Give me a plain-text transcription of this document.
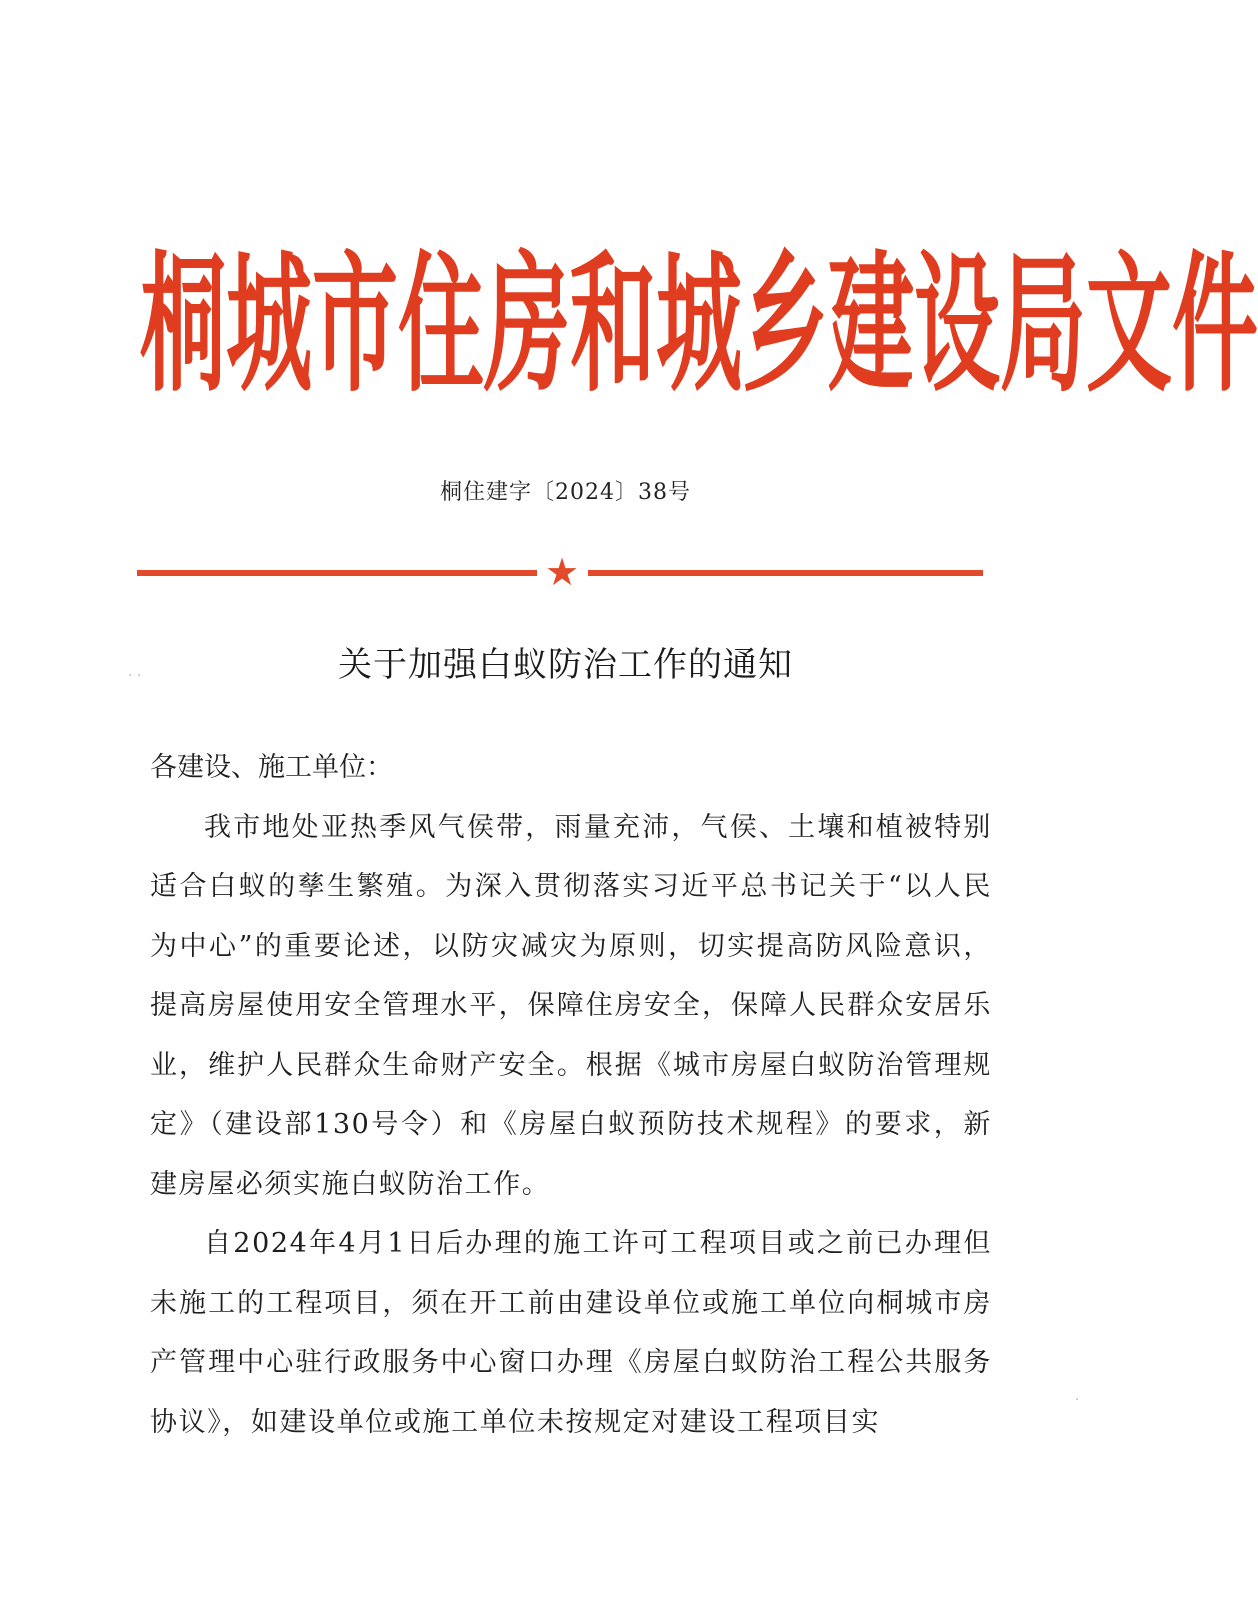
桐 城 市 住 房 和 城 乡 建 设 局 文 件
桐住建字〔2024〕38号
★
关于加强白蚁防治工作的通知

各建设、施工单位：

我市地处亚热季风气侯带，雨量充沛，气侯、土壤和植被特别适合白蚁的孳生繁殖。为深入贯彻落实习近平总书记关于“以人民为中心”的重要论述，以防灾减灾为原则，切实提高防风险意识，提高房屋使用安全管理水平，保障住房安全，保障人民群众安居乐业，维护人民群众生命财产安全。根据《城市房屋白蚁防治管理规定》（建设部130号令）和《房屋白蚁预防技术规程》的要求，新建房屋必须实施白蚁防治工作。

自2024年4月1日后办理的施工许可工程项目或之前已办理但未施工的工程项目，须在开工前由建设单位或施工单位向桐城市房产管理中心驻行政服务中心窗口办理《房屋白蚁防治工程公共服务协议》，如建设单位或施工单位未按规定对建设工程项目实

· ·
·
